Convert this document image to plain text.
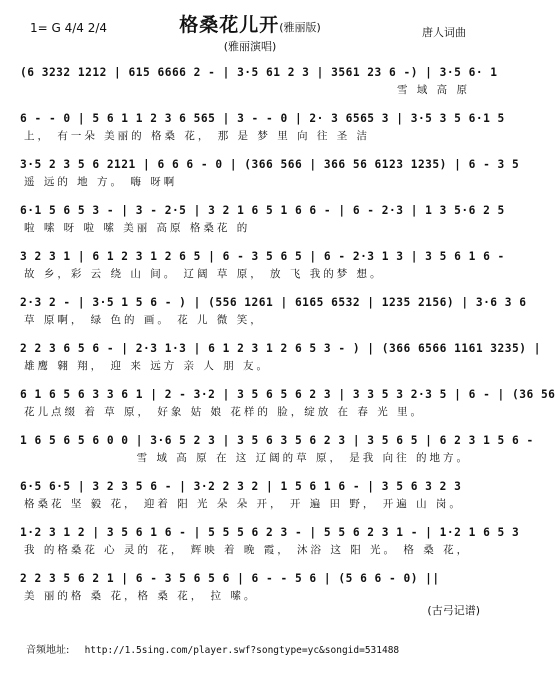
1= G 4/4 2/4	格桑花儿开(雅丽版)
(雅丽演唱)
唐人词曲
(6 3232 1212 | 615 6666 2 - | 3·5 61 2 3 | 3561 23 6 -) | 3·5 6· 1
雪 域 高 原
6 - - 0 | 5 6 1 1 2 3 6 565 | 3 - - 0 | 2· 3 6565 3 | 3·5 3 5 6·1 5
上， 有一朵 美丽的 格桑 花， 那 是 梦 里 向 往 圣 洁
3·5 2 3 5 6 2121 | 6 6 6 - 0 | (366 566 | 366 56 6123 1235) | 6 - 3 5
遥 远的 地 方。 嗨 呀啊
6·1 5 6 5 3 - | 3 - 2·5 | 3 2 1 6 5 1 6 6 - | 6 - 2·3 | 1 3 5·6 2 5
啦 嗦 呀 啦 嗦 美丽 高原 格桑花 的
3 2 3 1 | 6 1 2 3 1 2 6 5 | 6 - 3 5 6 5 | 6 - 2·3 1 3 | 3 5 6 1 6 -
故 乡，彩 云 绕 山 间。 辽阔 草 原， 放 飞 我的梦 想。
2·3 2 - | 3·5 1 5 6 - ) | (556 1261 | 6165 6532 | 1235 2156) | 3·6 3 6
草 原啊， 绿 色的 画。 花 儿 微 笑，
2 2 3 6 5 6 - | 2·3 1·3 | 6 1 2 3 1 2 6 5 3 - ) | (366 6566 1161 3235) |
雄鹰 翱 翔， 迎 来 远方 亲 人 朋 友。
6 1 6 5 6 3 3 6 1 | 2 - 3·2 | 3 5 6 5 6 2 3 | 3 3 5 3 2·3 5 | 6 - | (36 56
花儿点缀 着 草 原， 好象 姑 娘 花样的 脸，绽放 在 春 光 里。
1 6 5 6 5 6 0 0 | 3·6 5 2 3 | 3 5 6 3 5 6 2 3 | 3 5 6 5 | 6 2 3 1 5 6 -
雪 域 高 原 在 这 辽阔的草 原， 是我 向往 的地方。
6·5 6·5 | 3 2 3 5 6 - | 3·2 2 3 2 | 1 5 6 1 6 - | 3 5 6 3 2 3
格桑花 坚 毅 花， 迎着 阳 光 朵 朵 开， 开 遍 田 野， 开遍 山 岗。
1·2 3 1 2 | 3 5 6 1 6 - | 5 5 5 6 2 3 - | 5 5 6 2 3 1 - | 1·2 1 6 5 3
我 的格桑花 心 灵的 花， 辉映 着 晚 霞， 沐浴 这 阳 光。 格 桑 花，
2 2 3 5 6 2 1 | 6 - 3 5 6 5 6 | 6 - - 5 6 | (5 6 6 - 0) ||
美 丽的格 桑 花，格 桑 花， 拉 嗦。
(古弓记谱)
音频地址: http://1.5sing.com/player.swf?songtype=yc&songid=531488
